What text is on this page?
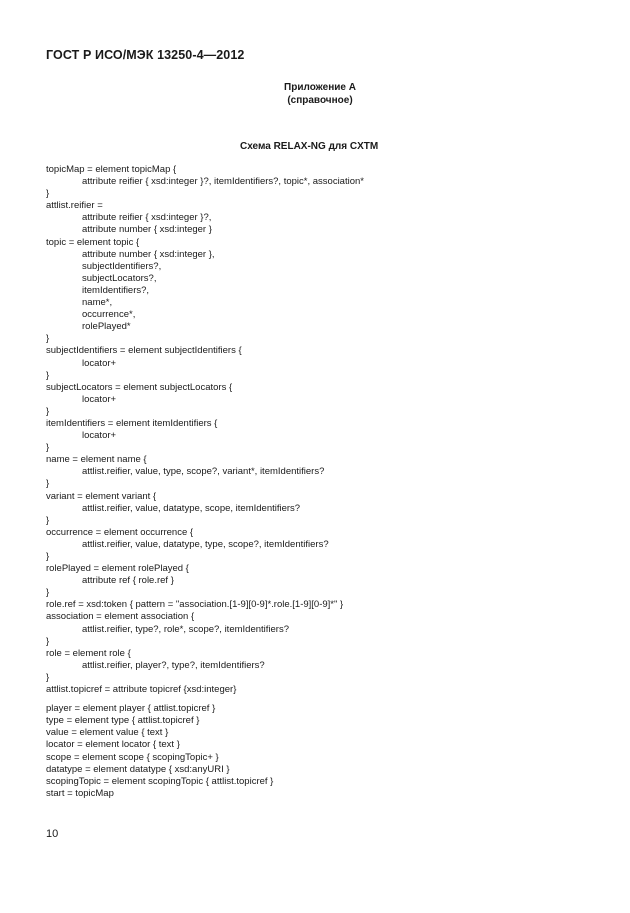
ГОСТ Р ИСО/МЭК 13250-4—2012
Приложение А
(справочное)
Схема RELAX-NG для CXTM
topicMap = element topicMap {
attribute reifier { xsd:integer }?, itemIdentifiers?, topic*, association*
}
attlist.reifier =
attribute reifier { xsd:integer }?,
attribute number { xsd:integer }
topic = element topic {
attribute number { xsd:integer },
subjectIdentifiers?,
subjectLocators?,
itemIdentifiers?,
name*,
occurrence*,
rolePlayed*
}
subjectIdentifiers = element subjectIdentifiers {
locator+
}
subjectLocators = element subjectLocators {
locator+
}
itemIdentifiers = element itemIdentifiers {
locator+
}
name = element name {
attlist.reifier, value, type, scope?, variant*, itemIdentifiers?
}
variant = element variant {
attlist.reifier, value, datatype, scope, itemIdentifiers?
}
occurrence = element occurrence {
attlist.reifier, value, datatype, type, scope?, itemIdentifiers?
}
rolePlayed = element rolePlayed {
attribute ref { role.ref }
}
role.ref = xsd:token { pattern = "association.[1-9][0-9]*.role.[1-9][0-9]*" }
association = element association {
attlist.reifier, type?, role*, scope?, itemIdentifiers?
}
role = element role {
attlist.reifier, player?, type?, itemIdentifiers?
}
attlist.topicref = attribute topicref {xsd:integer}
player = element player { attlist.topicref }
type = element type { attlist.topicref }
value = element value { text }
locator = element locator { text }
scope = element scope { scopingTopic+ }
datatype = element datatype { xsd:anyURI }
scopingTopic = element scopingTopic { attlist.topicref }
start = topicMap
10
